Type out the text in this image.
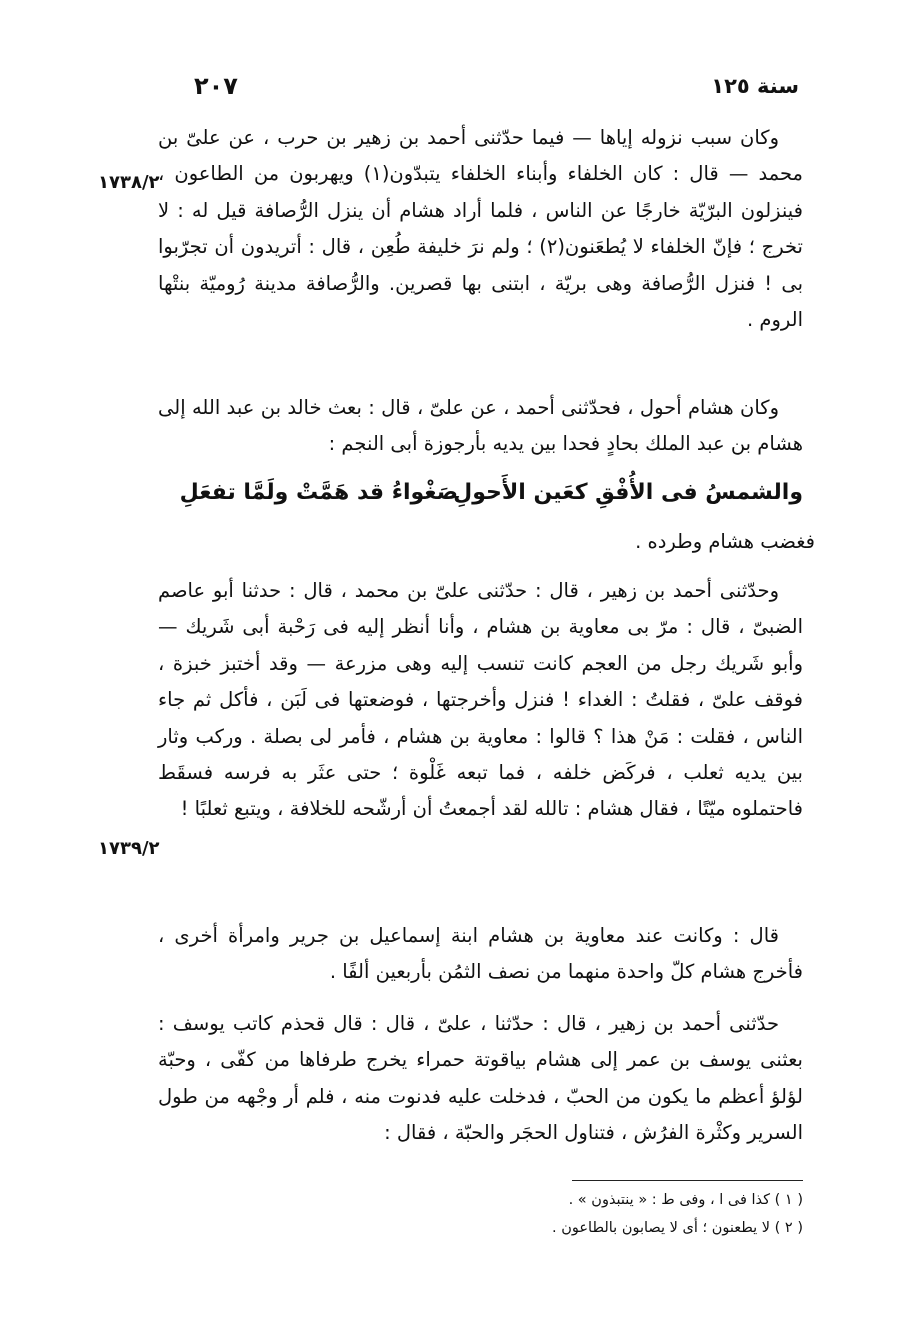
سنة ١٢٥
٢٠٧
١٧٣٨/٢
١٧٣٩/٢

وكان سبب نزوله إياها — فيما حدّثنى أحمد بن زهير بن حرب ، عن علىّ بن محمد — قال : كان الخلفاء وأبناء الخلفاء يتبدّون(١) ويهربون من الطاعون ، فينزلون البرّيّة خارجًا عن الناس ، فلما أراد هشام أن ينزل الرُّصافة قيل له : لا تخرج ؛ فإنّ الخلفاء لا يُطعَنون(٢) ؛ ولم نرَ خليفة طُعِن ، قال : أتريدون أن تجرّبوا بى ! فنزل الرُّصافة وهى بريّة ، ابتنى بها قصرين. والرُّصافة مدينة رُوميّة بنتْها الروم .

وكان هشام أحول ، فحدّثنى أحمد ، عن علىّ ، قال : بعث خالد بن عبد الله إلى هشام بن عبد الملك بحادٍ فحدا بين يديه بأرجوزة أبى النجم :

والشمسُ فى الأُفْقِ كعَين الأَحولِ
صَغْواءُ قد هَمَّتْ ولَمَّا تفعَلِ
فغضب هشام وطرده .

وحدّثنى أحمد بن زهير ، قال : حدّثنى علىّ بن محمد ، قال : حدثنا أبو عاصم الضبىّ ، قال : مرّ بى معاوية بن هشام ، وأنا أنظر إليه فى رَحْبة أبى شَريك — وأبو شَريك رجل من العجم كانت تنسب إليه وهى مزرعة — وقد أختبز خبزة ، فوقف علىّ ، فقلتُ : الغداء ! فنزل وأخرجتها ، فوضعتها فى لَبَن ، فأكل ثم جاء الناس ، فقلت : مَنْ هذا ؟ قالوا : معاوية بن هشام ، فأمر لى بصلة . وركب وثار بين يديه ثعلب ، فركَض خلفه ، فما تبعه غَلْوة ؛ حتى عثَر به فرسه فسقَط فاحتملوه ميّتًا ، فقال هشام : تالله لقد أجمعتُ أن أرشّحه للخلافة ، ويتبع ثعلبًا !

قال : وكانت عند معاوية بن هشام ابنة إسماعيل بن جرير وامرأة أخرى ، فأخرج هشام كلّ واحدة منهما من نصف الثمُن بأربعين ألفًا .

حدّثنى أحمد بن زهير ، قال : حدّثنا ، علىّ ، قال : قال قحذم كاتب يوسف : بعثنى يوسف بن عمر إلى هشام بياقوتة حمراء يخرج طرفاها من كفّى ، وحبّة لؤلؤ أعظم ما يكون من الحبّ ، فدخلت عليه فدنوت منه ، فلم أر وجْهه من طول السرير وكثْرة الفرُش ، فتناول الحجَر والحبّة ، فقال :

( ١ ) كذا فى ا ، وفى ط : « ينتبذون » .
( ٢ ) لا يطعنون ؛ أى لا يصابون بالطاعون .
